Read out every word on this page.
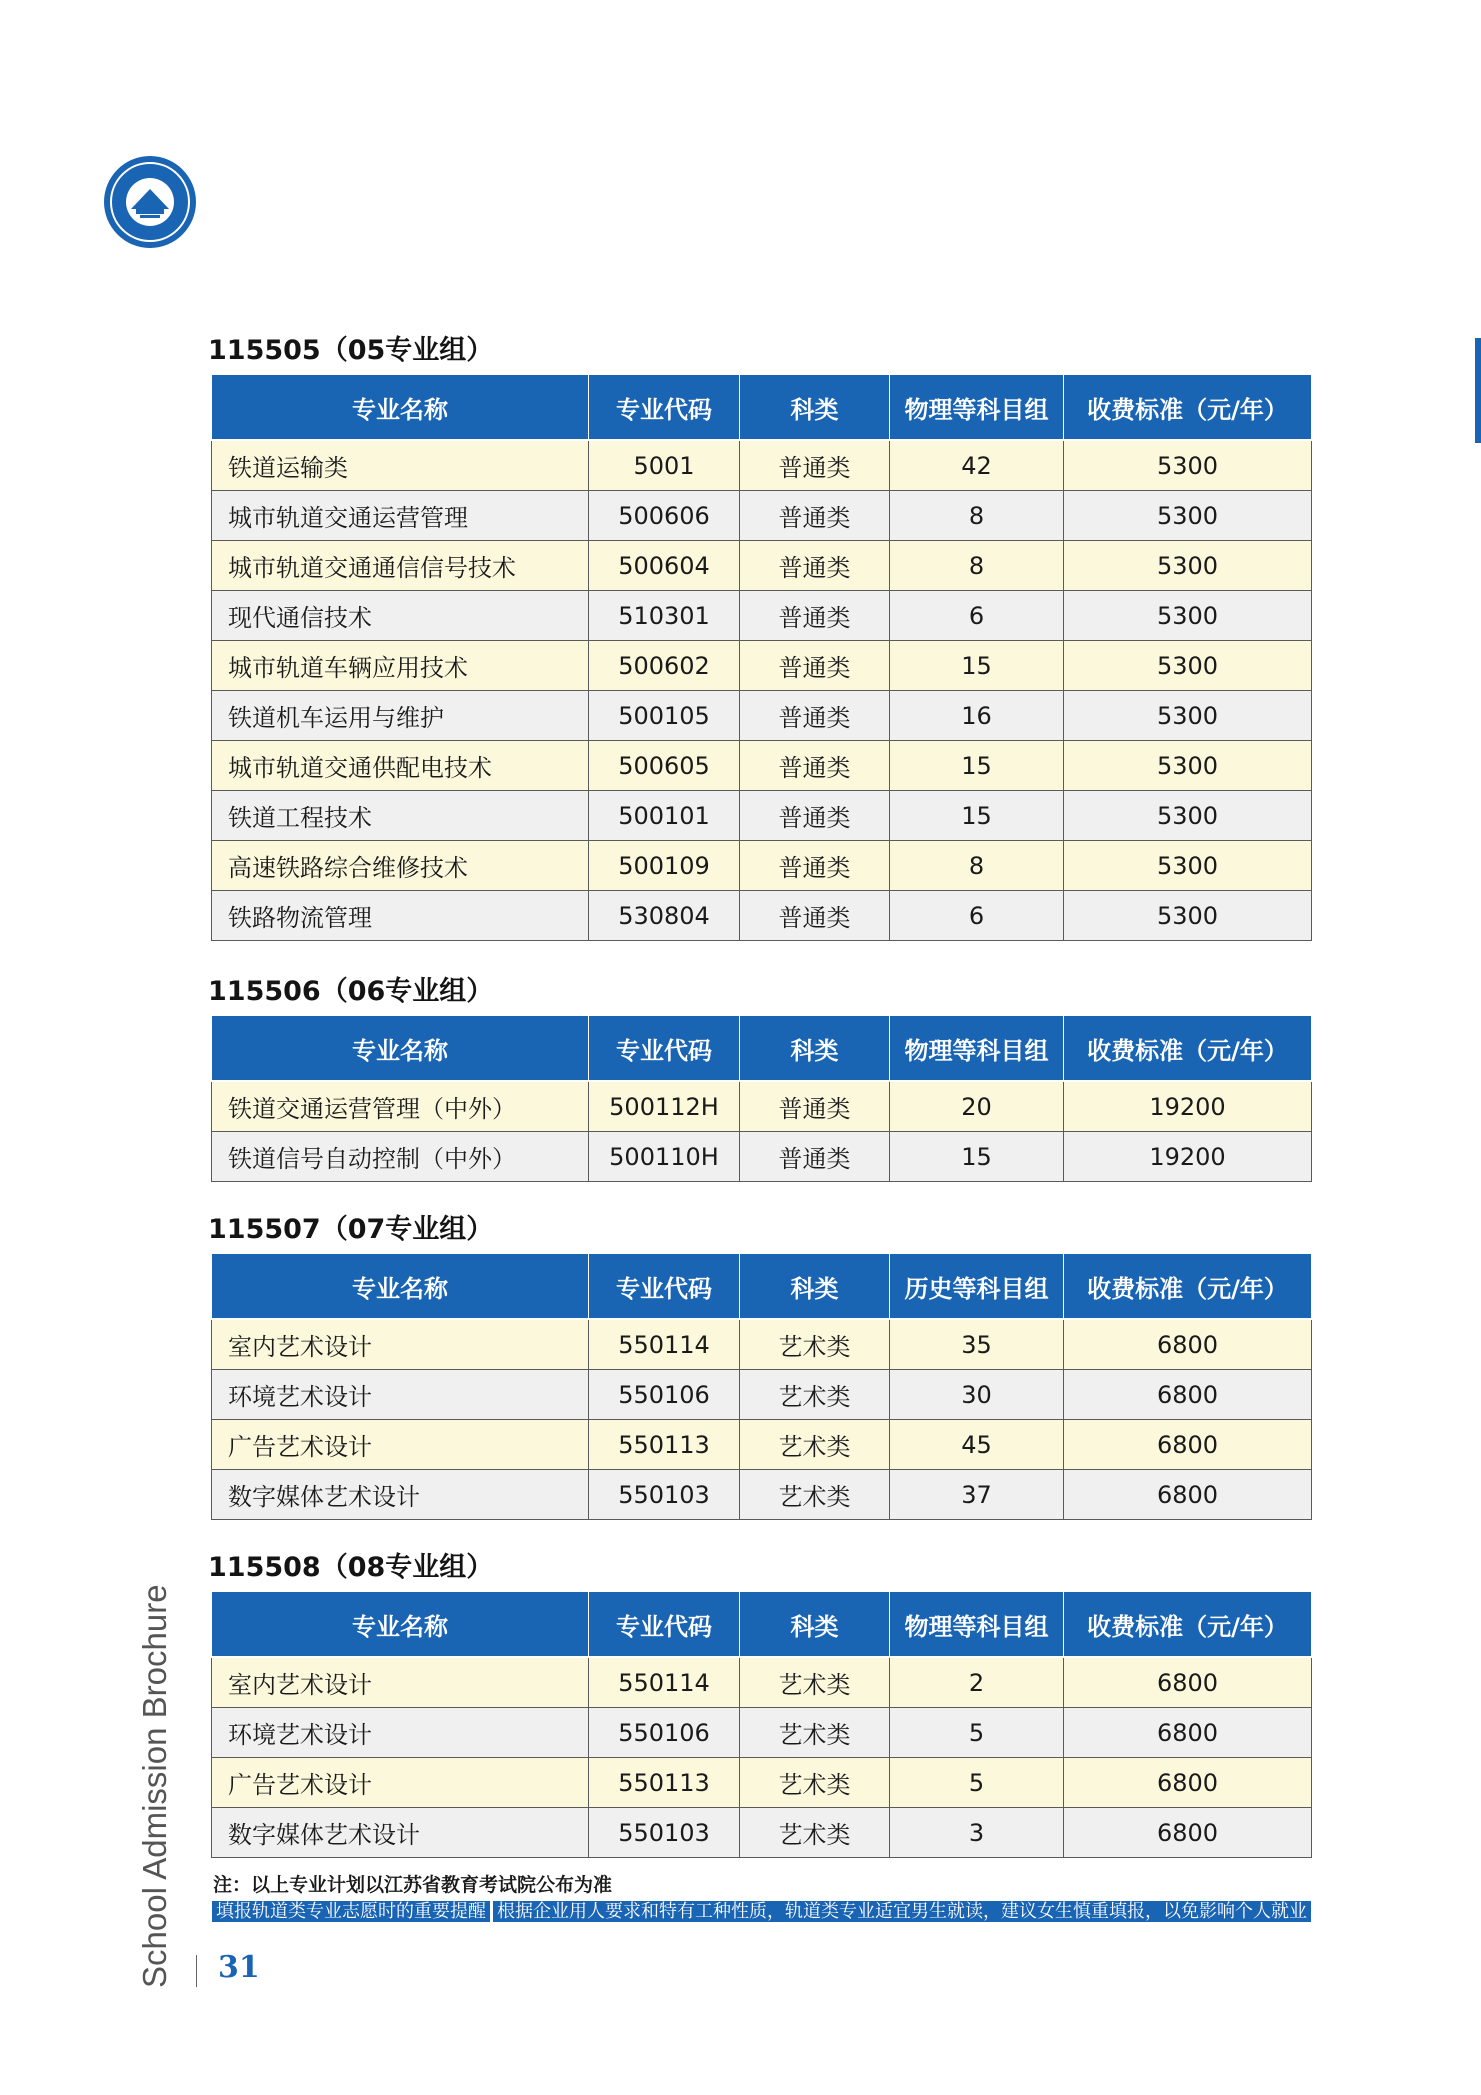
115505（05专业组）
专业名称	专业代码	科类	物理等科目组	收费标准（元/年）
铁道运输类	5001	普通类	42	5300
城市轨道交通运营管理	500606	普通类	8	5300
城市轨道交通通信信号技术	500604	普通类	8	5300
现代通信技术	510301	普通类	6	5300
城市轨道车辆应用技术	500602	普通类	15	5300
铁道机车运用与维护	500105	普通类	16	5300
城市轨道交通供配电技术	500605	普通类	15	5300
铁道工程技术	500101	普通类	15	5300
高速铁路综合维修技术	500109	普通类	8	5300
铁路物流管理	530804	普通类	6	5300
115506（06专业组）
专业名称	专业代码	科类	物理等科目组	收费标准（元/年）
铁道交通运营管理（中外）	500112H	普通类	20	19200
铁道信号自动控制（中外）	500110H	普通类	15	19200
115507（07专业组）
专业名称	专业代码	科类	历史等科目组	收费标准（元/年）
室内艺术设计	550114	艺术类	35	6800
环境艺术设计	550106	艺术类	30	6800
广告艺术设计	550113	艺术类	45	6800
数字媒体艺术设计	550103	艺术类	37	6800
115508（08专业组）
专业名称	专业代码	科类	物理等科目组	收费标准（元/年）
室内艺术设计	550114	艺术类	2	6800
环境艺术设计	550106	艺术类	5	6800
广告艺术设计	550113	艺术类	5	6800
数字媒体艺术设计	550103	艺术类	3	6800
注：以上专业计划以江苏省教育考试院公布为准
填报轨道类专业志愿时的重要提醒 根据企业用人要求和特有工种性质，轨道类专业适宜男生就读，建议女生慎重填报，以免影响个人就业
School Admission Brochure 31
